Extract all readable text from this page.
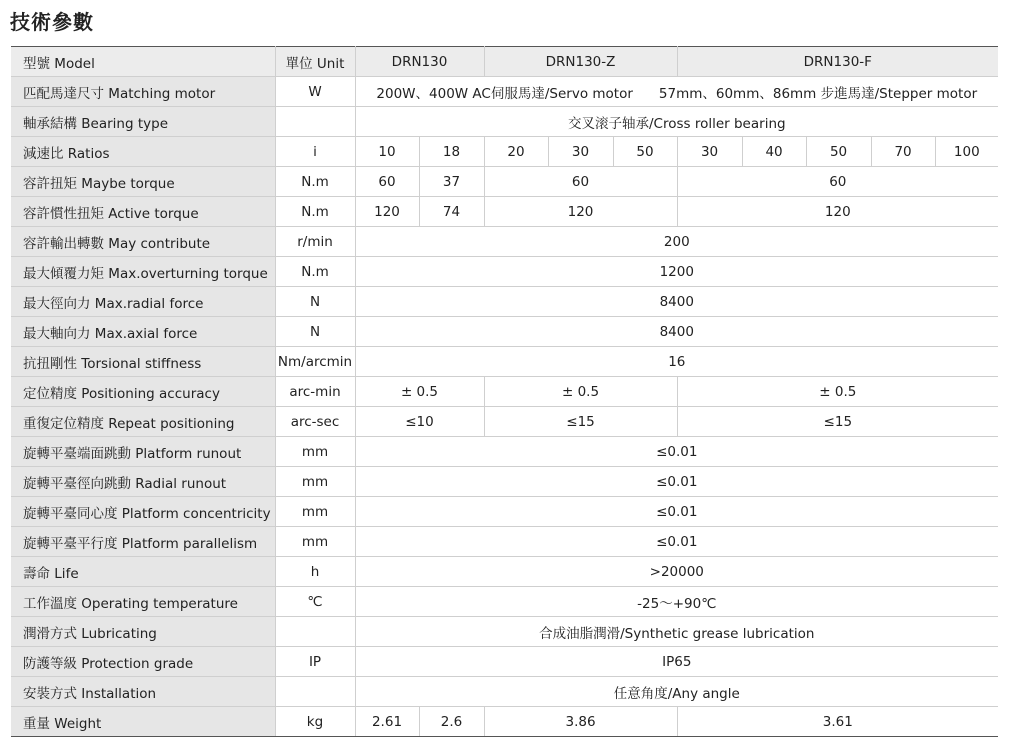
技術參數
型號 Model	單位 Unit	DRN130		DRN130-Z			DRN130-F				
匹配馬達尺寸 Matching motor	W	200W、400W AC伺服馬達/Servo motor 57mm、60mm、86mm 步進馬達/Stepper motor									
軸承結構 Bearing type		交叉滚子轴承/Cross roller bearing									
減速比 Ratios	i	10	18	20	30	50	30	40	50	70	100
容許扭矩 Maybe torque	N.m	60	37	60			60				
容許慣性扭矩 Active torque	N.m	120	74	120			120				
容許輸出轉數 May contribute	r/min	200									
最大傾覆力矩 Max.overturning torque	N.m	1200									
最大徑向力 Max.radial force	N	8400									
最大軸向力 Max.axial force	N	8400									
抗扭剛性 Torsional stiffness	Nm/arcmin	16									
定位精度 Positioning accuracy	arc-min	± 0.5		± 0.5			± 0.5				
重復定位精度 Repeat positioning	arc-sec	≤10		≤15			≤15				
旋轉平臺端面跳動 Platform runout	mm	≤0.01									
旋轉平臺徑向跳動 Radial runout	mm	≤0.01									
旋轉平臺同心度 Platform concentricity	mm	≤0.01									
旋轉平臺平行度 Platform parallelism	mm	≤0.01									
壽命 Life	h	>20000									
工作溫度 Operating temperature	℃	-25～+90℃									
潤滑方式 Lubricating		合成油脂潤滑/Synthetic grease lubrication									
防護等級 Protection grade	IP	IP65									
安裝方式 Installation		任意角度/Any angle									
重量 Weight	kg	2.61	2.6	3.86			3.61				
